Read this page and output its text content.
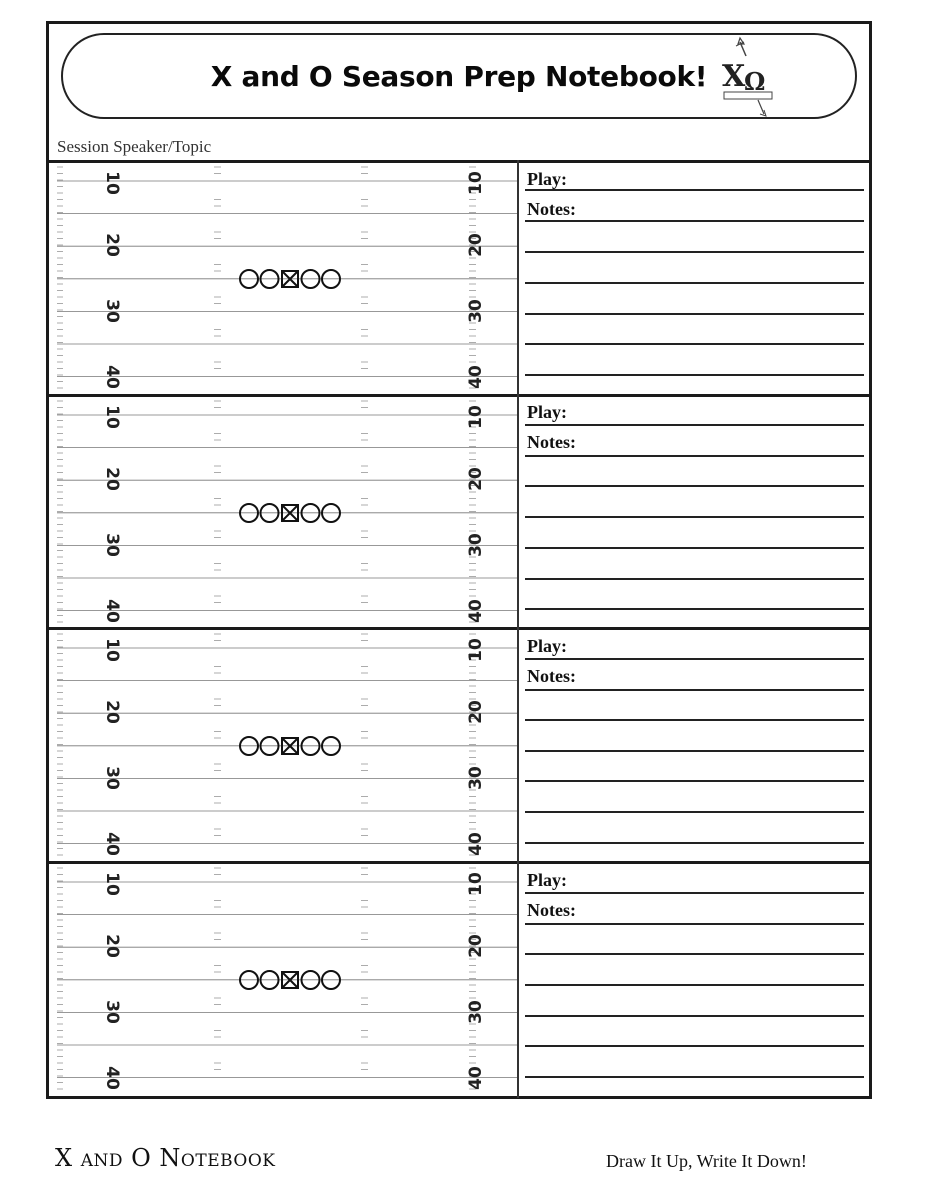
X and O Season Prep Notebook! X
Ω
Session Speaker/Topic
10	10
20	20
30	30
40	40
Play:
Notes:
10	10
20	20
30	30
40	40
Play:
Notes:
10	10
20	20
30	30
40	40
Play:
Notes:
10	10
20	20
30	30
40	40
Play:
Notes:
X and O Notebook	Draw It Up, Write It Down!
